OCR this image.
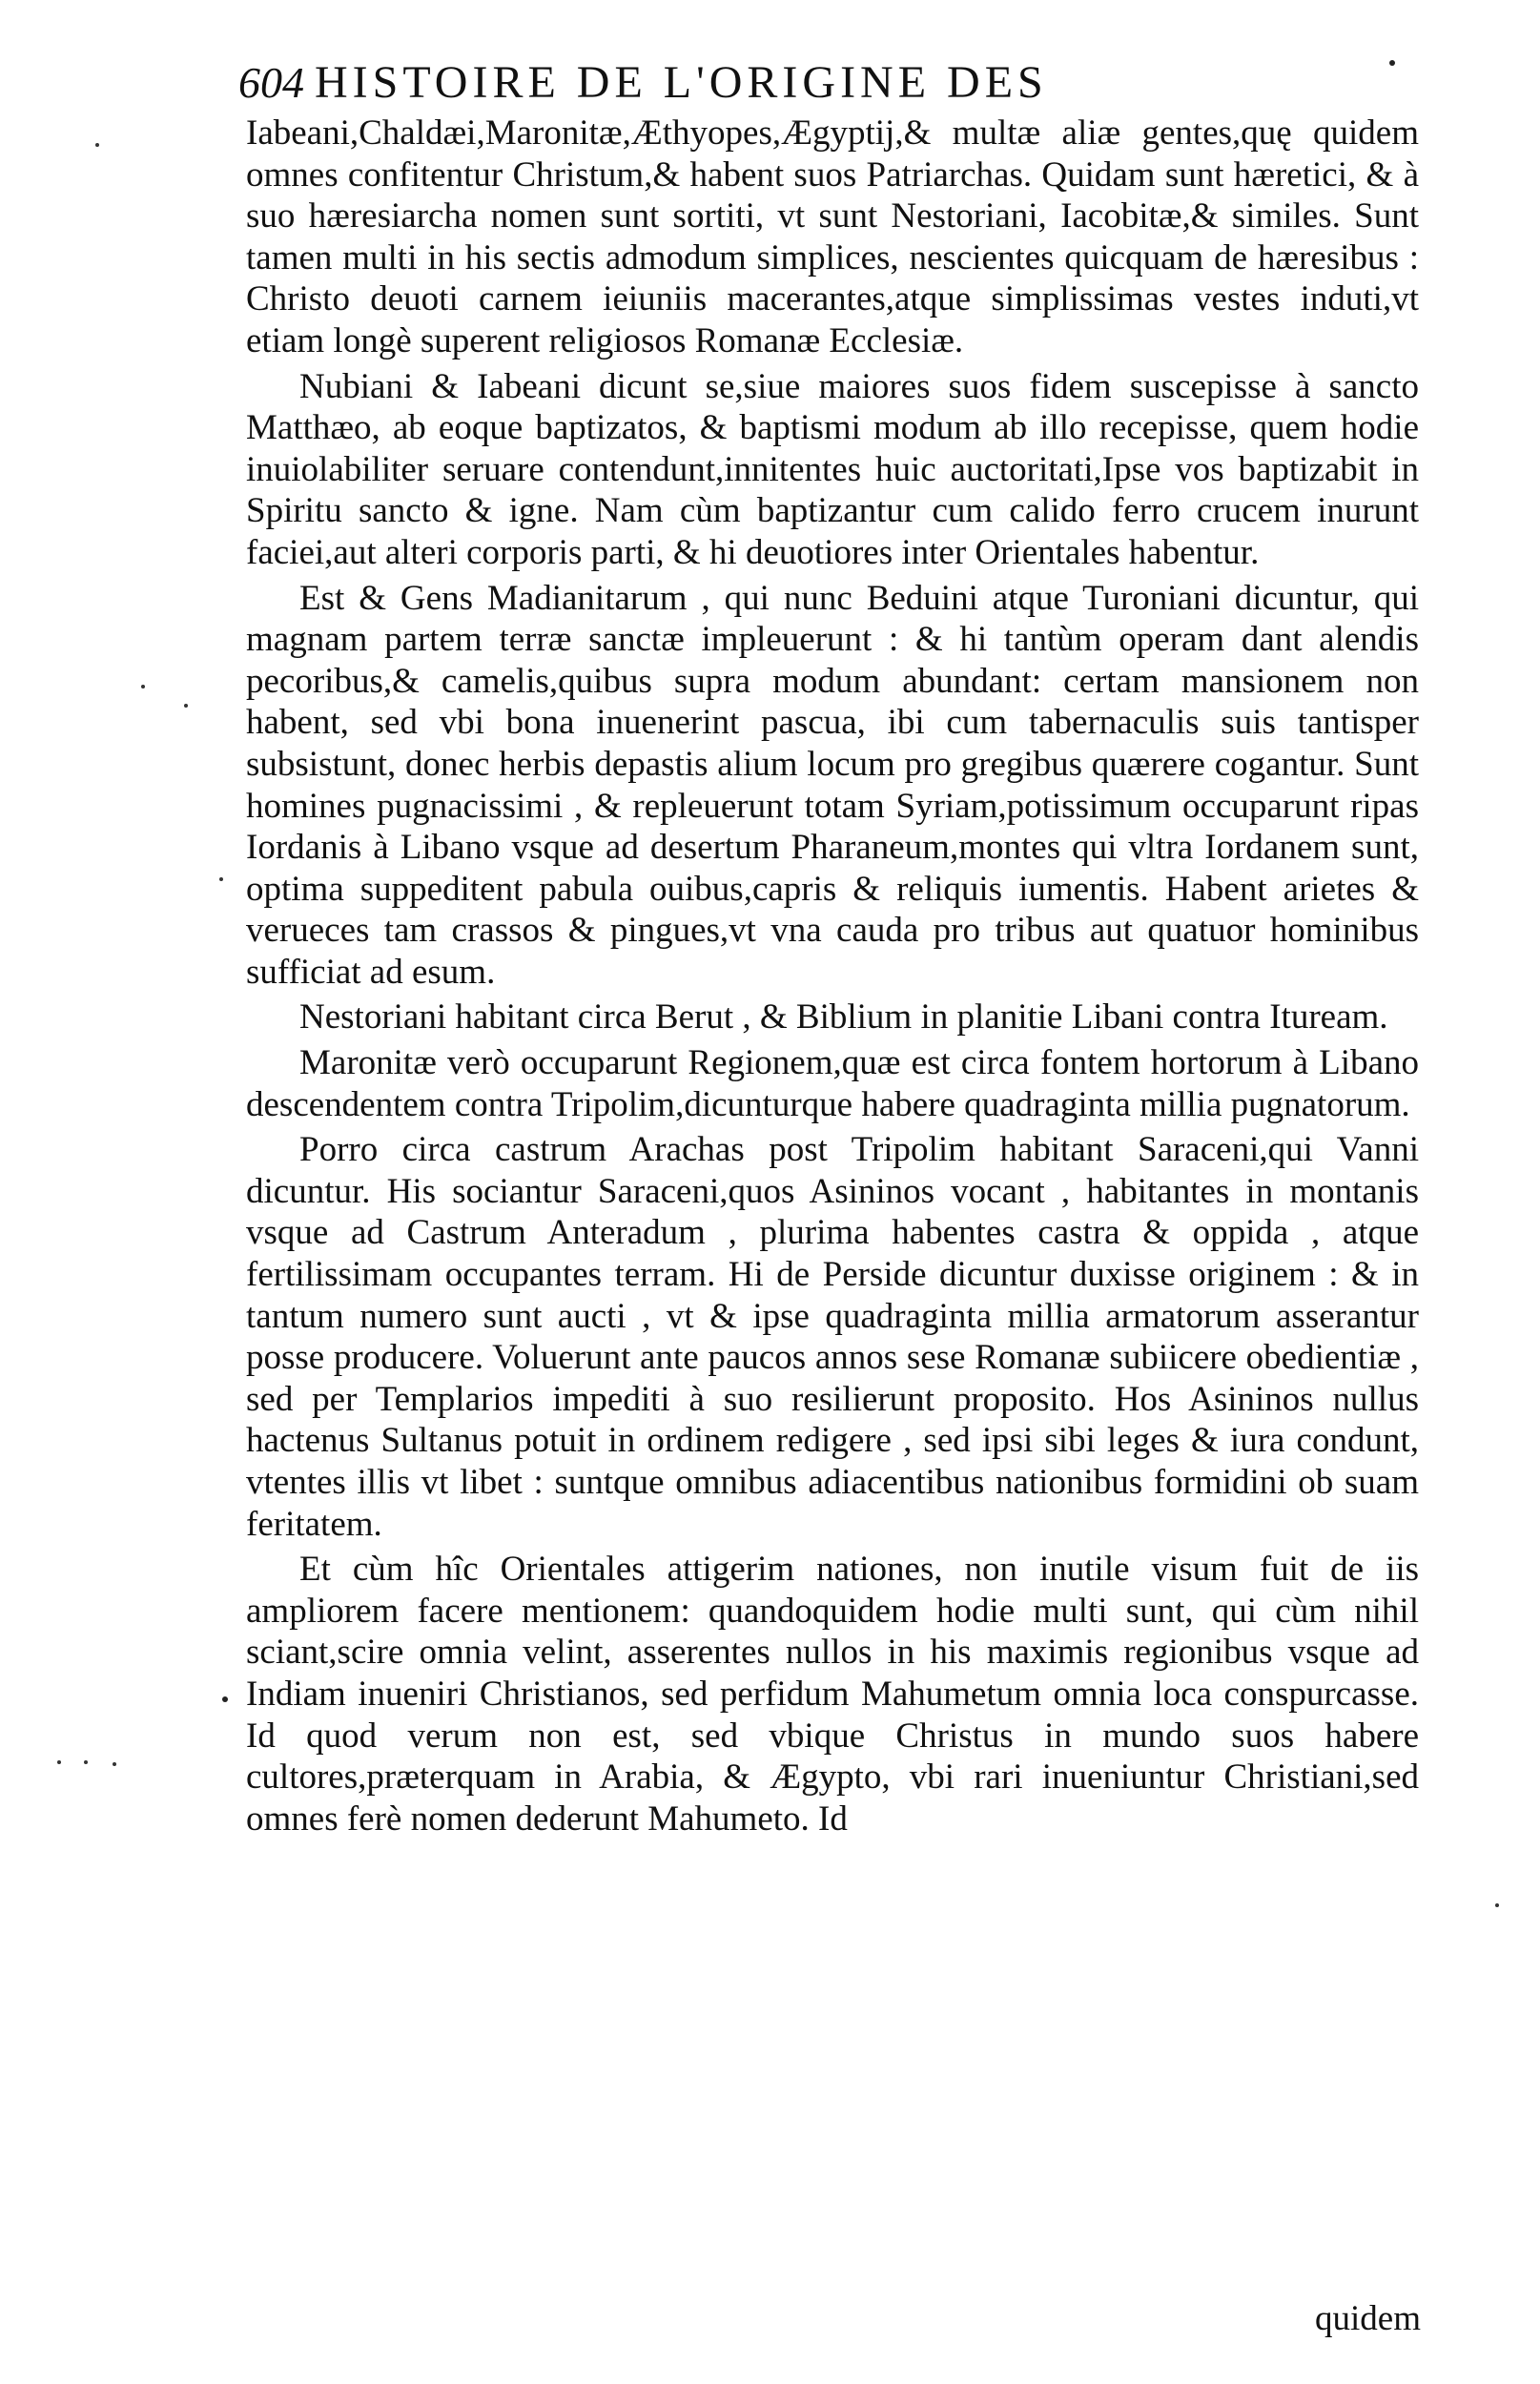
604 HISTOIRE DE L'ORIGINE DES

Iabeani,Chaldæi,Maronitæ,Æthyopes,Ægyptij,& multæ aliæ gentes,quę quidem omnes confitentur Christum,& habent suos Patriarchas. Quidam sunt hæretici, & à suo hæresiarcha nomen sunt sortiti, vt sunt Nestoriani, Iacobitæ,& similes. Sunt tamen multi in his sectis admodum simplices, nescientes quicquam de hæresibus : Christo deuoti carnem ieiuniis macerantes,atque simplissimas vestes induti,vt etiam longè superent religiosos Romanæ Ecclesiæ.

Nubiani & Iabeani dicunt se,siue maiores suos fidem suscepisse à sancto Matthæo, ab eoque baptizatos, & baptismi modum ab illo recepisse, quem hodie inuiolabiliter seruare contendunt,innitentes huic auctoritati,Ipse vos baptizabit in Spiritu sancto & igne. Nam cùm baptizantur cum calido ferro crucem inurunt faciei,aut alteri corporis parti, & hi deuotiores inter Orientales habentur.

Est & Gens Madianitarum , qui nunc Beduini atque Turoniani dicuntur, qui magnam partem terræ sanctæ impleuerunt : & hi tantùm operam dant alendis pecoribus,& camelis,quibus supra modum abundant: certam mansionem non habent, sed vbi bona inuenerint pascua, ibi cum tabernaculis suis tantisper subsistunt, donec herbis depastis alium locum pro gregibus quærere cogantur. Sunt homines pugnacissimi , & repleuerunt totam Syriam,potissimum occuparunt ripas Iordanis à Libano vsque ad desertum Pharaneum,montes qui vltra Iordanem sunt, optima suppeditent pabula ouibus,capris & reliquis iumentis. Habent arietes & verueces tam crassos & pingues,vt vna cauda pro tribus aut quatuor hominibus sufficiat ad esum.

Nestoriani habitant circa Berut , & Biblium in planitie Libani contra Ituream.

Maronitæ verò occuparunt Regionem,quæ est circa fontem hortorum à Libano descendentem contra Tripolim,dicunturque habere quadraginta millia pugnatorum.

Porro circa castrum Arachas post Tripolim habitant Saraceni,qui Vanni dicuntur. His sociantur Saraceni,quos Asininos vocant , habitantes in montanis vsque ad Castrum Anteradum , plurima habentes castra & oppida , atque fertilissimam occupantes terram. Hi de Perside dicuntur duxisse originem : & in tantum numero sunt aucti , vt & ipse quadraginta millia armatorum asserantur posse producere. Voluerunt ante paucos annos sese Romanæ subiicere obedientiæ , sed per Templarios impediti à suo resilierunt proposito. Hos Asininos nullus hactenus Sultanus potuit in ordinem redigere , sed ipsi sibi leges & iura condunt, vtentes illis vt libet : suntque omnibus adiacentibus nationibus formidini ob suam feritatem.

Et cùm hîc Orientales attigerim nationes, non inutile visum fuit de iis ampliorem facere mentionem: quandoquidem hodie multi sunt, qui cùm nihil sciant,scire omnia velint, asserentes nullos in his maximis regionibus vsque ad Indiam inueniri Christianos, sed perfidum Mahumetum omnia loca conspurcasse. Id quod verum non est, sed vbique Christus in mundo suos habere cultores,præterquam in Arabia, & Ægypto, vbi rari inueniuntur Christiani,sed omnes ferè nomen dederunt Mahumeto. Id

quidem
